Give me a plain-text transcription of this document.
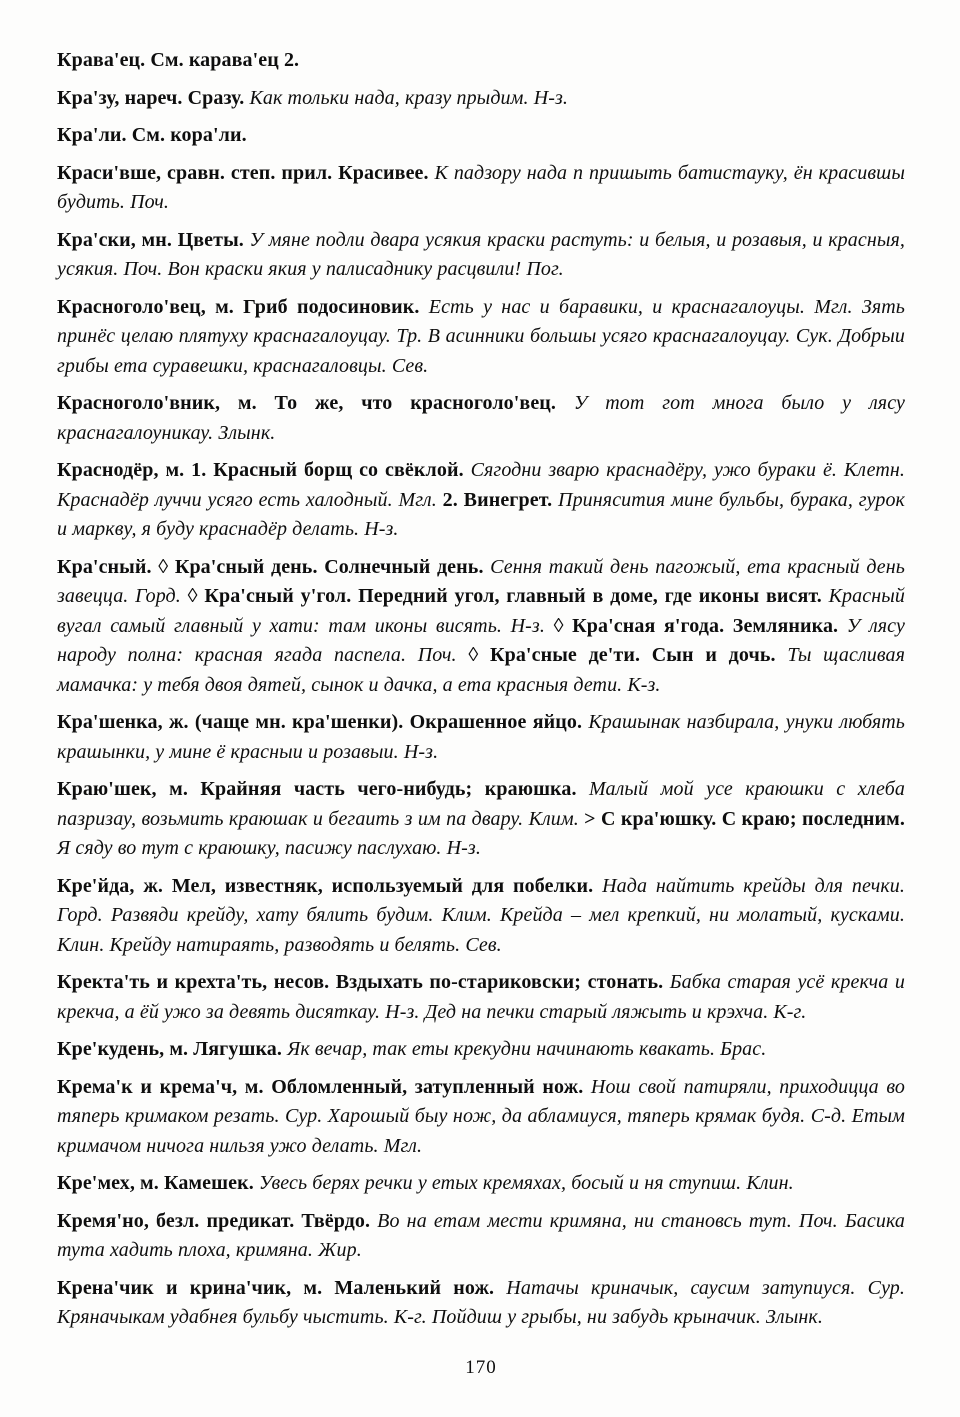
Крава'ец. См. карава'ец 2.

Кра'зу, нареч. Сразу. Как тольки нада, кразу прыдим. Н-з.

Кра'ли. См. кора'ли.

Краси'вше, сравн. степ. прил. Красивее. К падзору нада п пришыть батистауку, ён красившы будить. Поч.

Кра'ски, мн. Цветы. У мяне подли двара усякия краски растуть: и белыя, и розавыя, и красныя, усякия. Поч. Вон краски якия у палисаднику расцвили! Пог.

Красноголо'вец, м. Гриб подосиновик. Есть у нас и баравики, и краснагалоуцы. Мгл. Зять принёс целаю плятуху краснагалоуцау. Тр. В асинники большы усяго краснагалоуцау. Сук. Добрыи грибы ета суравешки, краснагаловцы. Сев.

Красноголо'вник, м. То же, что красноголо'вец. У тот гот многа было у лясу краснагалоуникау. Злынк.

Краснодёр, м. 1. Красный борщ со свёклой. Сягодни зварю краснадёру, ужо бураки ё. Клетн. Краснадёр луччи усяго есть халодный. Мгл. 2. Винегрет. Принясития мине бульбы, бурака, гурок и маркву, я буду краснадёр делать. Н-з.

Кра'сный. ◊ Кра'сный день. Солнечный день. Сення такий день пагожый, ета красный день завецца. Горд. ◊ Кра'сный у'гол. Передний угол, главный в доме, где иконы висят. Красный вугал самый главный у хати: там иконы висять. Н-з. ◊ Кра'сная я'года. Земляника. У лясу народу полна: красная ягада паспела. Поч. ◊ Кра'сные де'ти. Сын и дочь. Ты щасливая мамачка: у тебя двоя дятей, сынок и дачка, а ета красныя дети. К-з.

Кра'шенка, ж. (чаще мн. кра'шенки). Окрашенное яйцо. Крашынак назбирала, унуки любять крашынки, у мине ё красныи и розавыи. Н-з.

Краю'шек, м. Крайняя часть чего-нибудь; краюшка. Малый мой усе краюшки с хлеба пазризау, возьмить краюшак и бегаить з им па двару. Клим. > С кра'юшку. С краю; последним. Я сяду во тут с краюшку, пасижу паслухаю. Н-з.

Кре'йда, ж. Мел, известняк, используемый для побелки. Нада найтить крейды для печки. Горд. Развяди крейду, хату бялить будим. Клим. Крейда – мел крепкий, ни молатый, кусками. Клин. Крейду натираять, разводять и белять. Сев.

Кректа'ть и крехта'ть, несов. Вздыхать по-стариковски; стонать. Бабка старая усё крекча и крекча, а ёй ужо за девять дисяткау. Н-з. Дед на печки старый ляжыть и крэхча. К-г.

Кре'кудень, м. Лягушка. Як вечар, так еты крекудни начинають квакать. Брас.

Крема'к и крема'ч, м. Обломленный, затупленный нож. Нош свой патиряли, приходицца во тяперь кримаком резать. Сур. Харошый быу нож, да абламиуся, тяперь крямак будя. С-д. Етым кримачом ничога нильзя ужо делать. Мгл.

Кре'мех, м. Камешек. Увесь берях речки у етых кремяхах, босый и ня ступиш. Клин.

Кремя'но, безл. предикат. Твёрдо. Во на етам мести кримяна, ни становсь тут. Поч. Басика тута хадить плоха, кримяна. Жир.

Крена'чик и крина'чик, м. Маленький нож. Натачы криначык, саусим затупиуся. Сур. Кряначыкам удабнея бульбу чыстить. К-г. Пойдиш у грыбы, ни забудь крыначик. Злынк.

170
